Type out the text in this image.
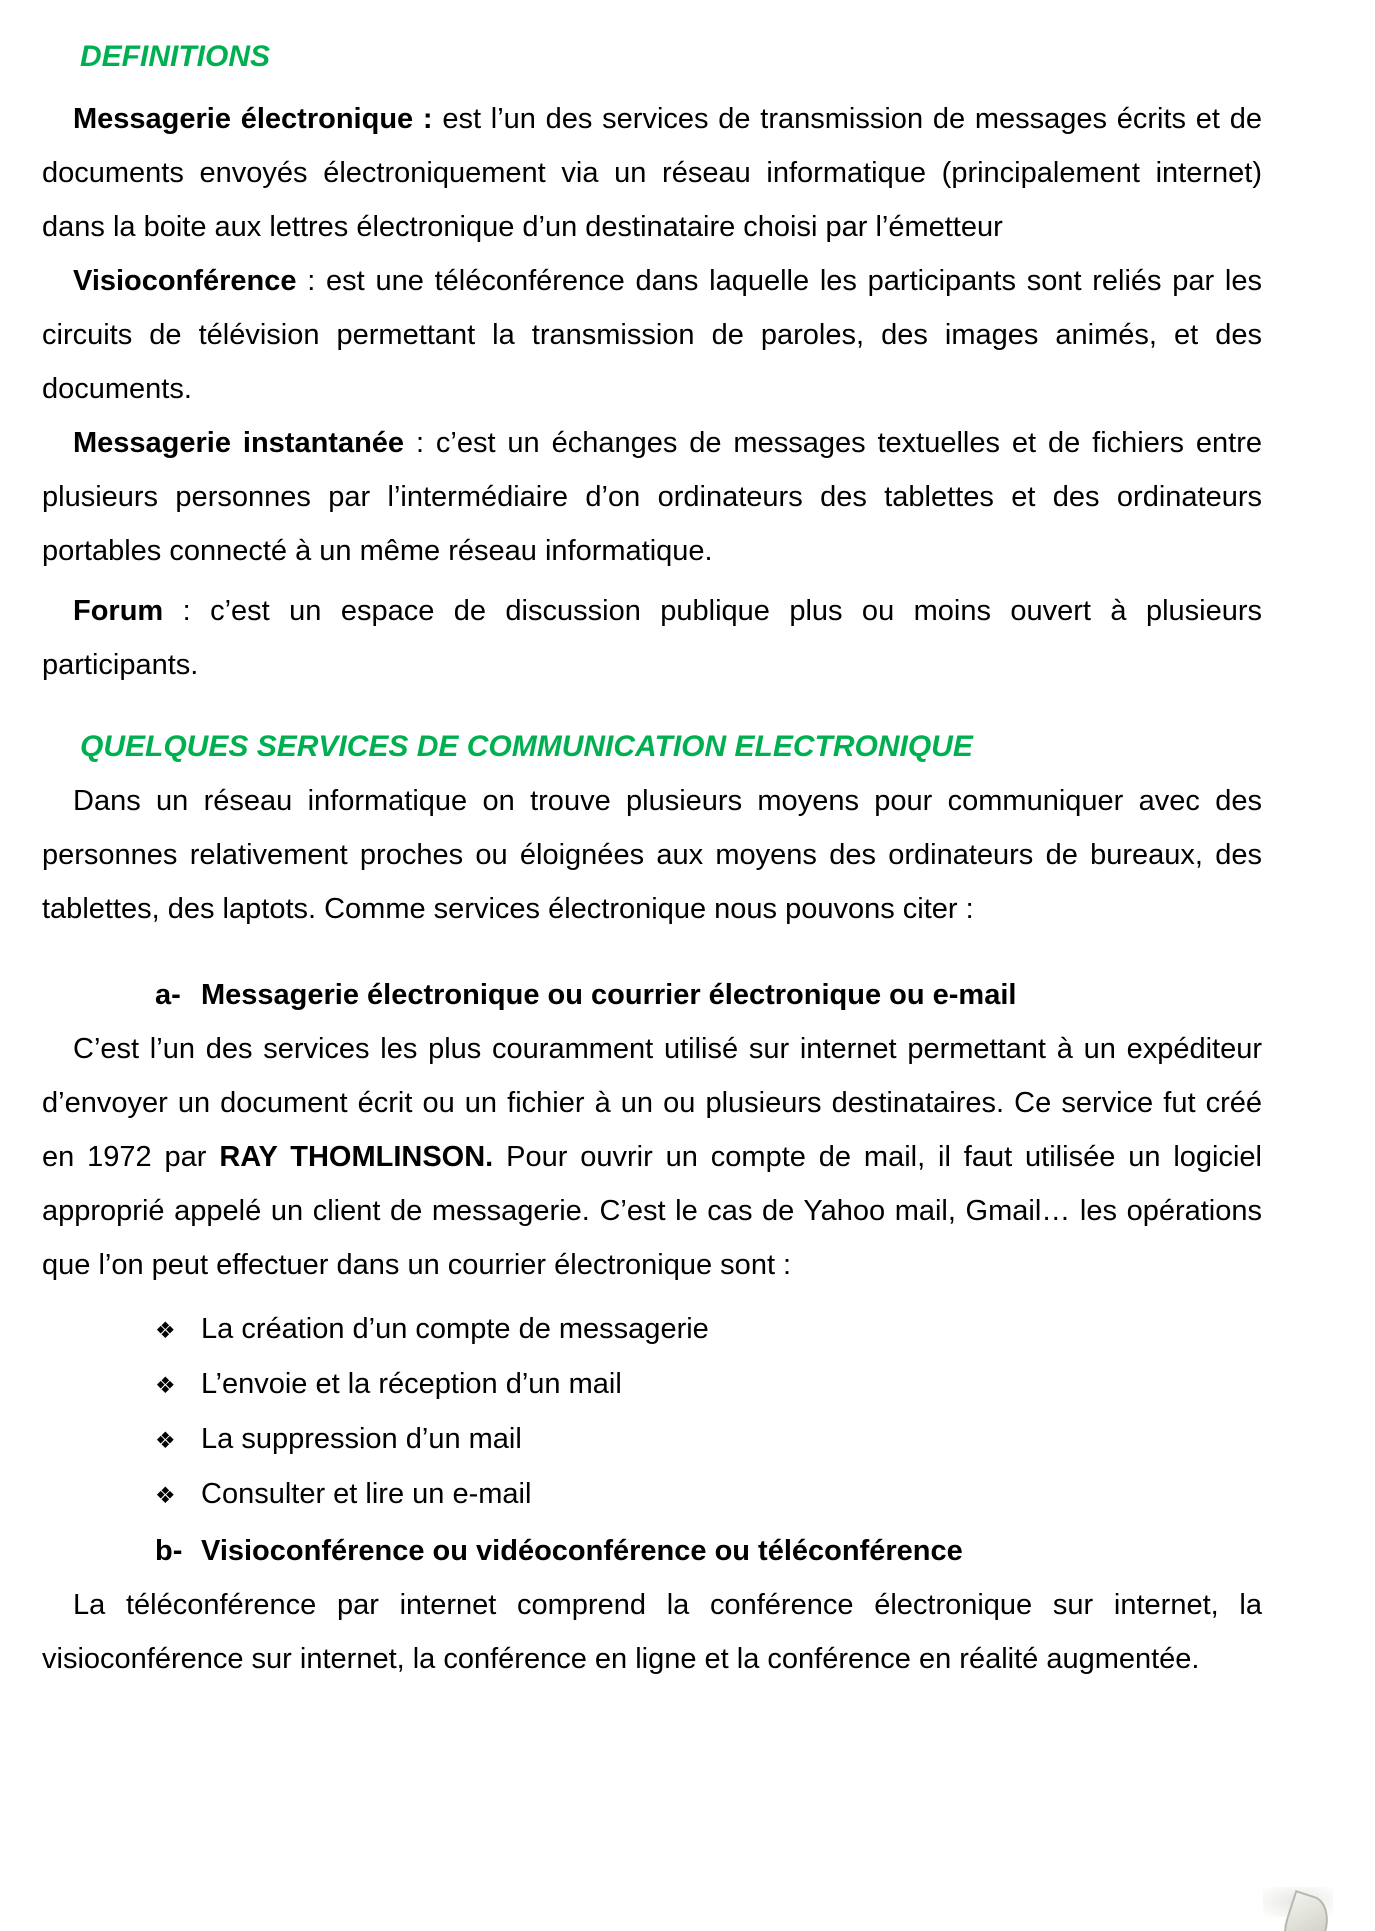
DEFINITIONS

Messagerie électronique : est l’un des services de transmission de messages écrits et de documents envoyés électroniquement via un réseau informatique (principalement internet) dans la boite aux lettres électronique d’un destinataire choisi par l’émetteur

Visioconférence : est une téléconférence dans laquelle les participants sont reliés par les circuits de télévision permettant la transmission de paroles, des images animés, et des documents.

Messagerie instantanée : c’est un échanges de messages textuelles et de fichiers entre plusieurs personnes par l’intermédiaire d’on ordinateurs des tablettes et des ordinateurs portables connecté à un même réseau informatique.

Forum : c’est un espace de discussion publique plus ou moins ouvert à plusieurs participants.

QUELQUES SERVICES DE COMMUNICATION ELECTRONIQUE

Dans un réseau informatique on trouve plusieurs moyens pour communiquer avec des personnes relativement proches ou éloignées aux moyens des ordinateurs de bureaux, des tablettes, des laptots. Comme services électronique nous pouvons citer :

a- Messagerie électronique ou courrier électronique ou e-mail

C’est l’un des services les plus couramment utilisé sur internet permettant à un expéditeur d’envoyer un document écrit ou un fichier à un ou plusieurs destinataires. Ce service fut créé en 1972 par RAY THOMLINSON. Pour ouvrir un compte de mail, il faut utilisée un logiciel approprié appelé un client de messagerie. C’est le cas de Yahoo mail, Gmail… les opérations que l’on peut effectuer dans un courrier électronique sont :

❖ La création d’un compte de messagerie
❖ L’envoie et la réception d’un mail
❖ La suppression d’un mail
❖ Consulter et lire un e-mail
b- Visioconférence ou vidéoconférence ou téléconférence

La téléconférence par internet comprend la conférence électronique sur internet, la visioconférence sur internet, la conférence en ligne et la conférence en réalité augmentée.
